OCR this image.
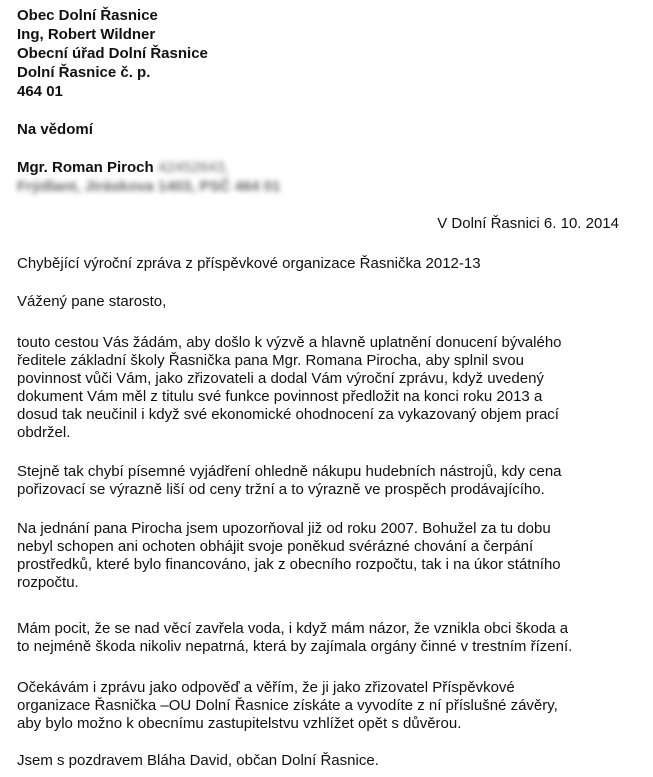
Obec Dolní Řasnice
Ing, Robert Wildner
Obecní úřad Dolní Řasnice
Dolní Řasnice č. p.
464 01
Na vědomí
Mgr. Roman Piroch 42452643,
Frýdlant, Jiráskova 1403, PSČ 464 01
V Dolní Řasnici 6. 10. 2014
Chybějící výroční zpráva z příspěvkové organizace Řasnička 2012-13
Vážený pane starosto,
touto cestou Vás žádám, aby došlo k výzvě a hlavně uplatnění donucení bývalého
ředitele základní školy Řasnička pana Mgr. Romana Pirocha, aby splnil svou
povinnost vůči Vám, jako zřizovateli a dodal Vám výroční zprávu, když uvedený
dokument Vám měl z titulu své funkce povinnost předložit na konci roku 2013 a
dosud tak neučinil i když své ekonomické ohodnocení za vykazovaný objem prací
obdržel.
Stejně tak chybí písemné vyjádření ohledně nákupu hudebních nástrojů, kdy cena
pořizovací se výrazně liší od ceny tržní a to výrazně ve prospěch prodávajícího.
Na jednání pana Pirocha jsem upozorňoval již od roku 2007. Bohužel za tu dobu
nebyl schopen ani ochoten obhájit svoje poněkud svérázné chování a čerpání
prostředků, které bylo financováno, jak z obecního rozpočtu, tak i na úkor státního
rozpočtu.
Mám pocit, že se nad věcí zavřela voda, i když mám názor, že vznikla obci škoda a
to nejméně škoda nikoliv nepatrná, která by zajímala orgány činné v trestním řízení.
Očekávám i zprávu jako odpověď a věřím, že ji jako zřizovatel Příspěvkové
organizace Řasnička –OU Dolní Řasnice získáte a vyvodíte z ní příslušné závěry,
aby bylo možno k obecnímu zastupitelstvu vzhlížet opět s důvěrou.
Jsem s pozdravem Bláha David, občan Dolní Řasnice.
